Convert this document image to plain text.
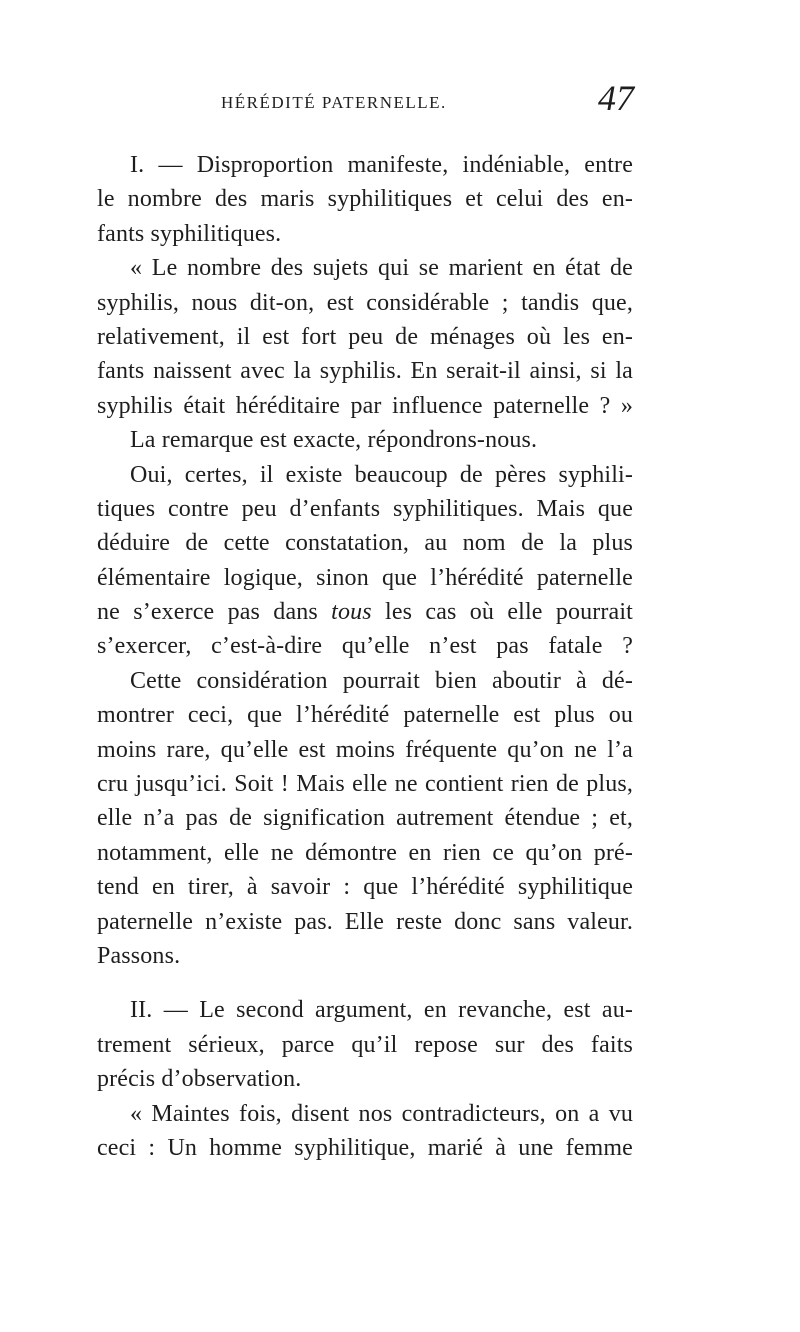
HÉRÉDITÉ PATERNELLE.	47
I. — Disproportion manifeste, indéniable, entre
le nombre des maris syphilitiques et celui des en-
fants syphilitiques.
« Le nombre des sujets qui se marient en état de
syphilis, nous dit-on, est considérable ; tandis que,
relativement, il est fort peu de ménages où les en-
fants naissent avec la syphilis. En serait-il ainsi, si la
syphilis était héréditaire par influence paternelle ? »
La remarque est exacte, répondrons-nous.
Oui, certes, il existe beaucoup de pères syphili-
tiques contre peu d’enfants syphilitiques. Mais que
déduire de cette constatation, au nom de la plus
élémentaire logique, sinon que l’hérédité paternelle
ne s’exerce pas dans tous les cas où elle pourrait
s’exercer, c’est-à-dire qu’elle n’est pas fatale ?
Cette considération pourrait bien aboutir à dé-
montrer ceci, que l’hérédité paternelle est plus ou
moins rare, qu’elle est moins fréquente qu’on ne l’a
cru jusqu’ici. Soit ! Mais elle ne contient rien de plus,
elle n’a pas de signification autrement étendue ; et,
notamment, elle ne démontre en rien ce qu’on pré-
tend en tirer, à savoir : que l’hérédité syphilitique
paternelle n’existe pas. Elle reste donc sans valeur.
Passons.
II. — Le second argument, en revanche, est au-
trement sérieux, parce qu’il repose sur des faits
précis d’observation.
« Maintes fois, disent nos contradicteurs, on a vu
ceci : Un homme syphilitique, marié à une femme
